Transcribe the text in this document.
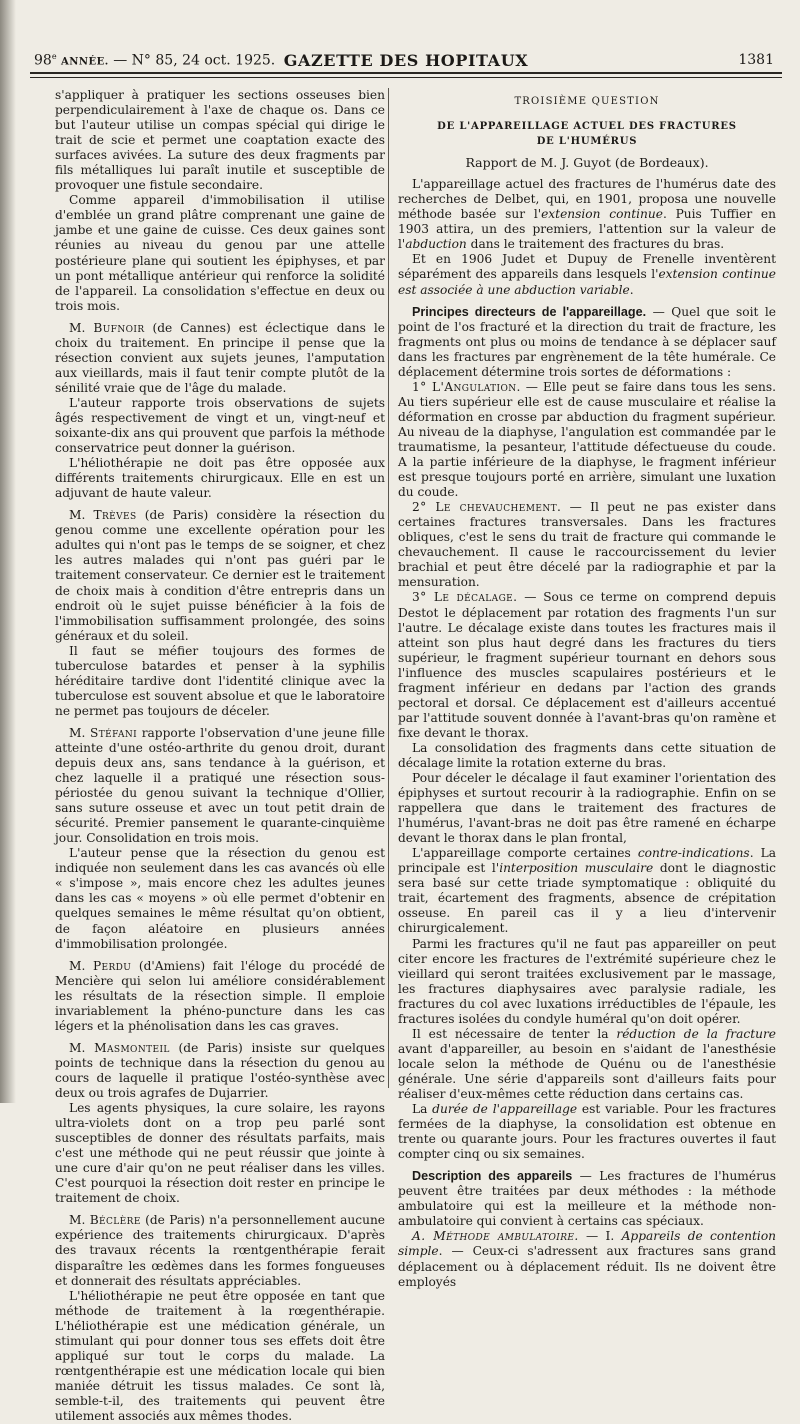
98e ANNÉE. — N° 85, 24 oct. 1925. GAZETTE DES HOPITAUX	1381

s'appliquer à pratiquer les sections osseuses bien perpendiculairement à l'axe de chaque os. Dans ce but l'auteur utilise un compas spécial qui dirige le trait de scie et permet une coaptation exacte des surfaces avivées. La suture des deux fragments par fils métalliques lui paraît inutile et susceptible de provoquer une fistule secondaire.

Comme appareil d'immobilisation il utilise d'emblée un grand plâtre comprenant une gaine de jambe et une gaine de cuisse. Ces deux gaines sont réunies au niveau du genou par une attelle postérieure plane qui soutient les épiphyses, et par un pont métallique antérieur qui renforce la solidité de l'appareil. La consolidation s'effectue en deux ou trois mois.

M. Bufnoir (de Cannes) est éclectique dans le choix du traitement. En principe il pense que la résection convient aux sujets jeunes, l'amputation aux vieillards, mais il faut tenir compte plutôt de la sénilité vraie que de l'âge du malade.

L'auteur rapporte trois observations de sujets âgés respectivement de vingt et un, vingt-neuf et soixante-dix ans qui prouvent que parfois la méthode conservatrice peut donner la guérison.

L'héliothérapie ne doit pas être opposée aux différents traitements chirurgicaux. Elle en est un adjuvant de haute valeur.

M. Trèves (de Paris) considère la résection du genou comme une excellente opération pour les adultes qui n'ont pas le temps de se soigner, et chez les autres malades qui n'ont pas guéri par le traitement conservateur. Ce dernier est le traitement de choix mais à condition d'être entrepris dans un endroit où le sujet puisse bénéficier à la fois de l'immobilisation suffisamment prolongée, des soins généraux et du soleil.

Il faut se méfier toujours des formes de tuberculose batardes et penser à la syphilis héréditaire tardive dont l'identité clinique avec la tuberculose est souvent absolue et que le laboratoire ne permet pas toujours de déceler.

M. Stéfani rapporte l'observation d'une jeune fille atteinte d'une ostéo-arthrite du genou droit, durant depuis deux ans, sans tendance à la guérison, et chez laquelle il a pratiqué une résection sous-périostée du genou suivant la technique d'Ollier, sans suture osseuse et avec un tout petit drain de sécurité. Premier pansement le quarante-cinquième jour. Consolidation en trois mois.

L'auteur pense que la résection du genou est indiquée non seulement dans les cas avancés où elle « s'impose », mais encore chez les adultes jeunes dans les cas « moyens » où elle permet d'obtenir en quelques semaines le même résultat qu'on obtient, de façon aléatoire en plusieurs années d'immobilisation prolongée.

M. Perdu (d'Amiens) fait l'éloge du procédé de Mencière qui selon lui améliore considérablement les résultats de la résection simple. Il emploie invariablement la phéno-puncture dans les cas légers et la phénolisation dans les cas graves.

M. Masmonteil (de Paris) insiste sur quelques points de technique dans la résection du genou au cours de laquelle il pratique l'ostéo-synthèse avec deux ou trois agrafes de Dujarrier.

Les agents physiques, la cure solaire, les rayons ultra-violets dont on a trop peu parlé sont susceptibles de donner des résultats parfaits, mais c'est une méthode qui ne peut réussir que jointe à une cure d'air qu'on ne peut réaliser dans les villes. C'est pourquoi la résection doit rester en principe le traitement de choix.

M. Béclère (de Paris) n'a personnellement aucune expérience des traitements chirurgicaux. D'après des travaux récents la rœntgenthérapie ferait disparaître les œdèmes dans les formes fongueuses et donnerait des résultats appréciables.

L'héliothérapie ne peut être opposée en tant que méthode de traitement à la rœgenthérapie. L'héliothérapie est une médication générale, un stimulant qui pour donner tous ses effets doit être appliqué sur tout le corps du malade. La rœntgenthérapie est une médication locale qui bien maniée détruit les tissus malades. Ce sont là, semble-t-il, des traitements qui peuvent être utilement associés aux mêmes thodes.

TROISIÈME QUESTION

DE L'APPAREILLAGE ACTUEL DES FRACTURES

DE L'HUMÉRUS

Rapport de M. J. Guyot (de Bordeaux).

L'appareillage actuel des fractures de l'humérus date des recherches de Delbet, qui, en 1901, proposa une nouvelle méthode basée sur l'extension continue. Puis Tuffier en 1903 attira, un des premiers, l'attention sur la valeur de l'abduction dans le traitement des fractures du bras.

Et en 1906 Judet et Dupuy de Frenelle inventèrent séparément des appareils dans lesquels l'extension continue est associée à une abduction variable.

Principes directeurs de l'appareillage. — Quel que soit le point de l'os fracturé et la direction du trait de fracture, les fragments ont plus ou moins de tendance à se déplacer sauf dans les fractures par engrènement de la tête humérale. Ce déplacement détermine trois sortes de déformations :

1° L'Angulation. — Elle peut se faire dans tous les sens. Au tiers supérieur elle est de cause musculaire et réalise la déformation en crosse par abduction du fragment supérieur. Au niveau de la diaphyse, l'angulation est commandée par le traumatisme, la pesanteur, l'attitude défectueuse du coude. A la partie inférieure de la diaphyse, le fragment inférieur est presque toujours porté en arrière, simulant une luxation du coude.

2° Le chevauchement. — Il peut ne pas exister dans certaines fractures transversales. Dans les fractures obliques, c'est le sens du trait de fracture qui commande le chevauchement. Il cause le raccourcissement du levier brachial et peut être décelé par la radiographie et par la mensuration.

3° Le décalage. — Sous ce terme on comprend depuis Destot le déplacement par rotation des fragments l'un sur l'autre. Le décalage existe dans toutes les fractures mais il atteint son plus haut degré dans les fractures du tiers supérieur, le fragment supérieur tournant en dehors sous l'influence des muscles scapulaires postérieurs et le fragment inférieur en dedans par l'action des grands pectoral et dorsal. Ce déplacement est d'ailleurs accentué par l'attitude souvent donnée à l'avant-bras qu'on ramène et fixe devant le thorax.

La consolidation des fragments dans cette situation de décalage limite la rotation externe du bras.

Pour déceler le décalage il faut examiner l'orientation des épiphyses et surtout recourir à la radiographie. Enfin on se rappellera que dans le traitement des fractures de l'humérus, l'avant-bras ne doit pas être ramené en écharpe devant le thorax dans le plan frontal,

L'appareillage comporte certaines contre-indications. La principale est l'interposition musculaire dont le diagnostic sera basé sur cette triade symptomatique : obliquité du trait, écartement des fragments, absence de crépitation osseuse. En pareil cas il y a lieu d'intervenir chirurgicalement.

Parmi les fractures qu'il ne faut pas appareiller on peut citer encore les fractures de l'extrémité supérieure chez le vieillard qui seront traitées exclusivement par le massage, les fractures diaphysaires avec paralysie radiale, les fractures du col avec luxations irréductibles de l'épaule, les fractures isolées du condyle huméral qu'on doit opérer.

Il est nécessaire de tenter la réduction de la fracture avant d'appareiller, au besoin en s'aidant de l'anesthésie locale selon la méthode de Quénu ou de l'anesthésie générale. Une série d'appareils sont d'ailleurs faits pour réaliser d'eux-mêmes cette réduction dans certains cas.

La durée de l'appareillage est variable. Pour les fractures fermées de la diaphyse, la consolidation est obtenue en trente ou quarante jours. Pour les fractures ouvertes il faut compter cinq ou six semaines.

Description des appareils — Les fractures de l'humérus peuvent être traitées par deux méthodes : la méthode ambulatoire qui est la meilleure et la méthode non-ambulatoire qui convient à certains cas spéciaux.

A. Méthode ambulatoire. — I. Appareils de contention simple. — Ceux-ci s'adressent aux fractures sans grand déplacement ou à déplacement réduit. Ils ne doivent être employés
